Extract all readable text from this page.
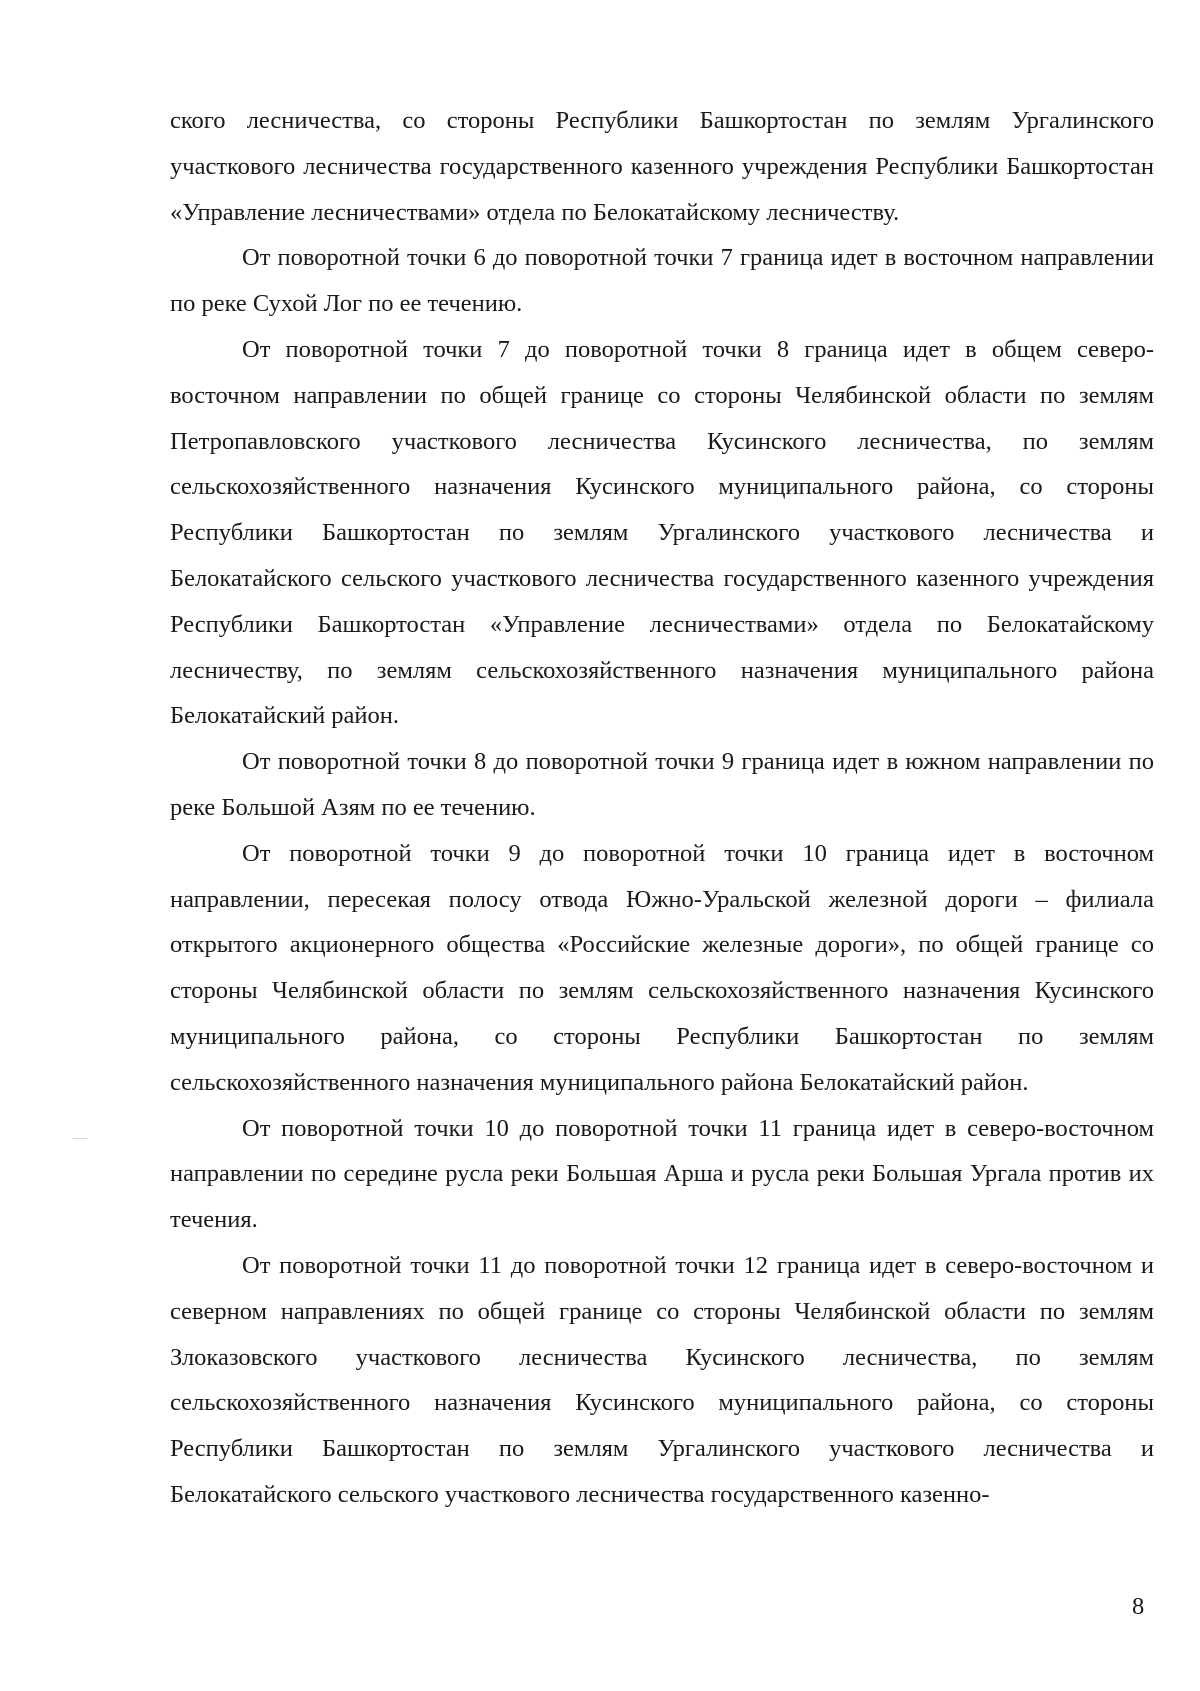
ского лесничества, со стороны Республики Башкортостан по землям Ургалинского участкового лесничества государственного казенного учреждения Республики Башкортостан «Управление лесничествами» отдела по Белокатайскому лесничеству.

От поворотной точки 6 до поворотной точки 7 граница идет в восточном направлении по реке Сухой Лог по ее течению.

От поворотной точки 7 до поворотной точки 8 граница идет в общем северо-восточном направлении по общей границе со стороны Челябинской области по землям Петропавловского участкового лесничества Кусинского лесничества, по землям сельскохозяйственного назначения Кусинского муниципального района, со стороны Республики Башкортостан по землям Ургалинского участкового лесничества и Белокатайского сельского участкового лесничества государственного казенного учреждения Республики Башкортостан «Управление лесничествами» отдела по Белокатайскому лесничеству, по землям сельскохозяйственного назначения муниципального района Белокатайский район.

От поворотной точки 8 до поворотной точки 9 граница идет в южном направлении по реке Большой Азям по ее течению.

От поворотной точки 9 до поворотной точки 10 граница идет в восточном направлении, пересекая полосу отвода Южно-Уральской железной дороги – филиала открытого акционерного общества «Российские железные дороги», по общей границе со стороны Челябинской области по землям сельскохозяйственного назначения Кусинского муниципального района, со стороны Республики Башкортостан по землям сельскохозяйственного назначения муниципального района Белокатайский район.

От поворотной точки 10 до поворотной точки 11 граница идет в северо-восточном направлении по середине русла реки Большая Арша и русла реки Большая Ургала против их течения.

От поворотной точки 11 до поворотной точки 12 граница идет в северо-восточном и северном направлениях по общей границе со стороны Челябинской области по землям Злоказовского участкового лесничества Кусинского лесничества, по землям сельскохозяйственного назначения Кусинского муниципального района, со стороны Республики Башкортостан по землям Ургалинского участкового лесничества и Белокатайского сельского участкового лесничества государственного казенно-

8
